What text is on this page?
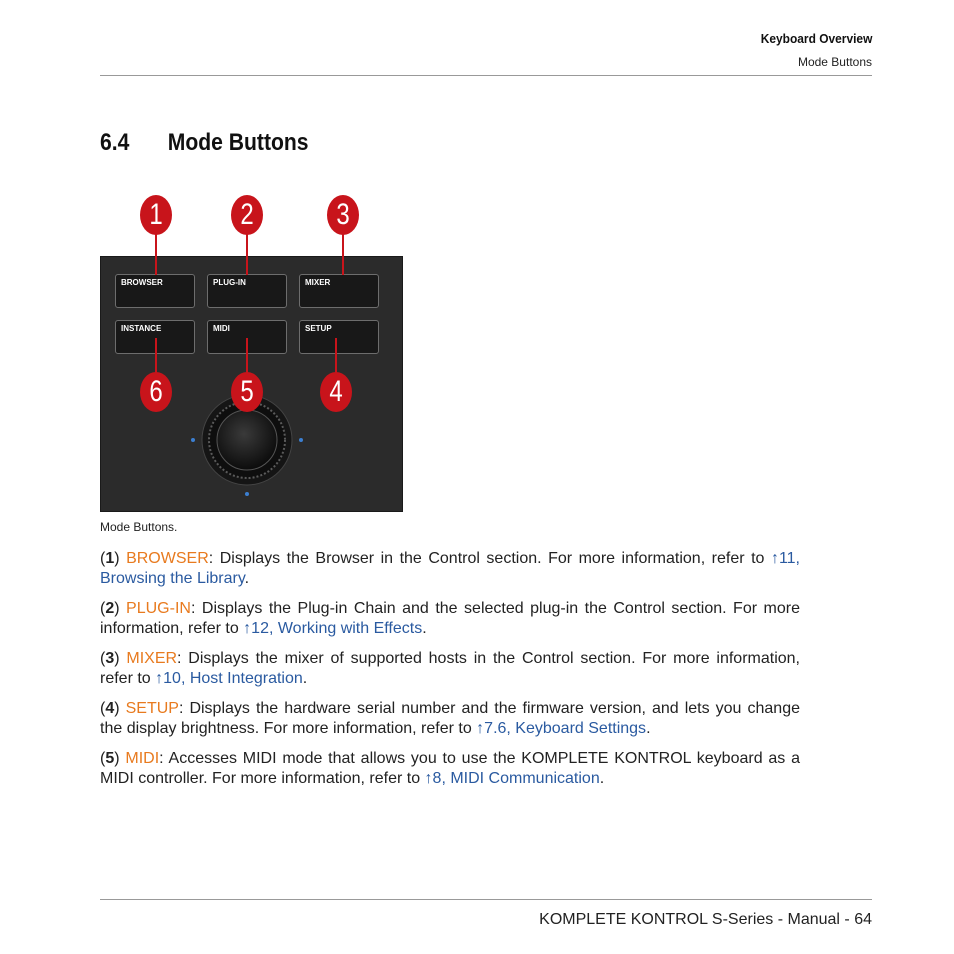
Keyboard Overview
Mode Buttons
6.4 Mode Buttons
BROWSER	PLUG-IN	MIXER
INSTANCE	MIDI	SETUP
1	2	3
6	5	4
Mode Buttons.
(1) BROWSER: Displays the Browser in the Control section. For more information, refer to ↑11, Browsing the Library.
(2) PLUG-IN: Displays the Plug-in Chain and the selected plug-in the Control section. For more information, refer to ↑12, Working with Effects.
(3) MIXER: Displays the mixer of supported hosts in the Control section. For more information, refer to ↑10, Host Integration.
(4) SETUP: Displays the hardware serial number and the firmware version, and lets you change the display brightness. For more information, refer to ↑7.6, Keyboard Settings.
(5) MIDI: Accesses MIDI mode that allows you to use the KOMPLETE KONTROL keyboard as a MIDI controller. For more information, refer to ↑8, MIDI Communication.
KOMPLETE KONTROL S-Series - Manual - 64
